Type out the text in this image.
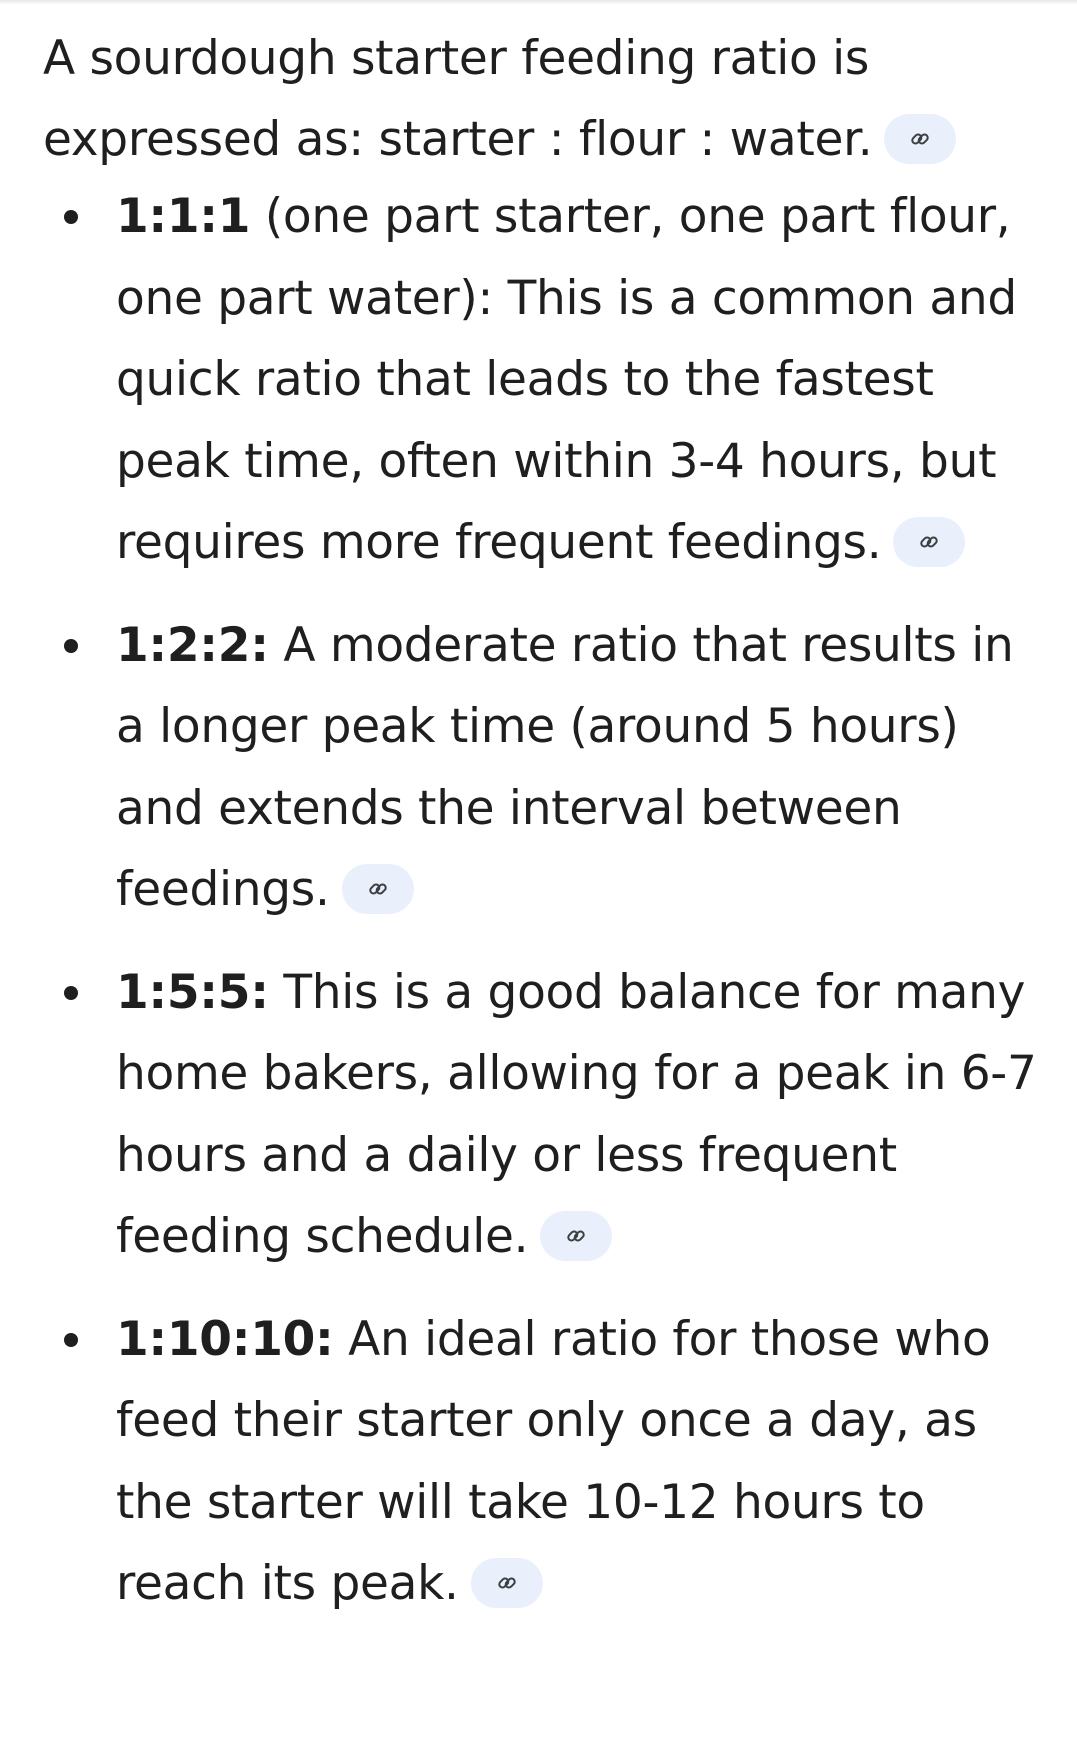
A sourdough starter feeding ratio is expressed as: starter : flour : water.

1:1:1 (one part starter, one part flour, one part water): This is a common and quick ratio that leads to the fastest peak time, often within 3-4 hours, but requires more frequent feedings.
1:2:2: A moderate ratio that results in a longer peak time (around 5 hours) and extends the interval between feedings.
1:5:5: This is a good balance for many home bakers, allowing for a peak in 6-7 hours and a daily or less frequent feeding schedule.
1:10:10: An ideal ratio for those who feed their starter only once a day, as the starter will take 10-12 hours to reach its peak.
